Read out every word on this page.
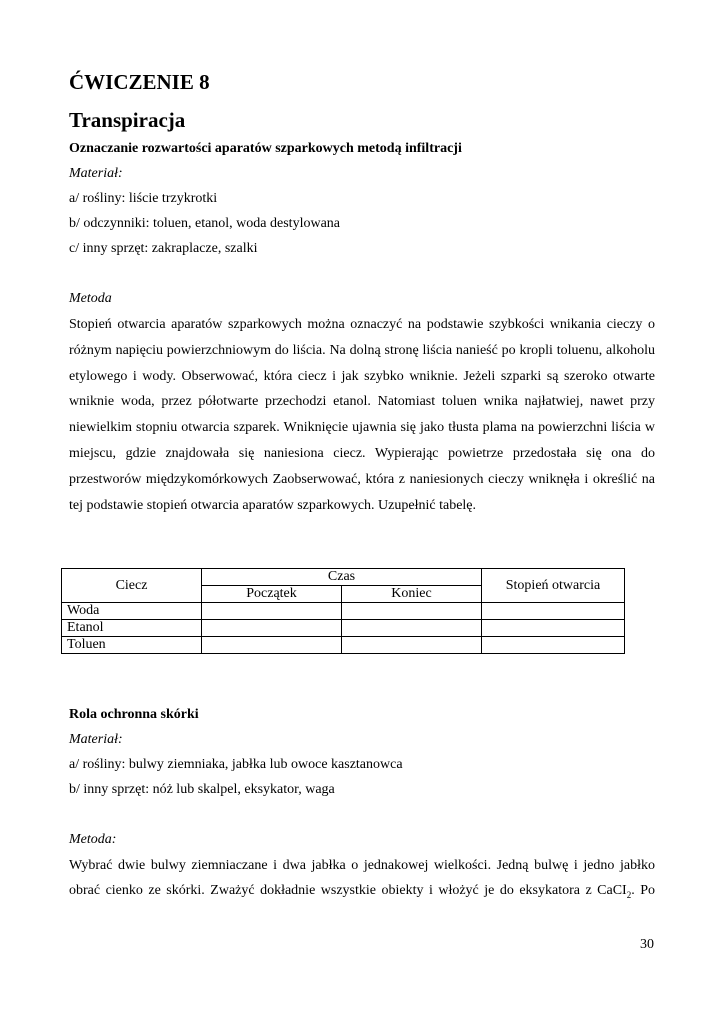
ĆWICZENIE 8
Transpiracja
Oznaczanie rozwartości aparatów szparkowych metodą infiltracji
Materiał:
a/ rośliny: liście trzykrotki
b/ odczynniki: toluen, etanol, woda destylowana
c/ inny sprzęt: zakraplacze, szalki
Metoda
Stopień otwarcia aparatów szparkowych można oznaczyć na podstawie szybkości wnikania cieczy o różnym napięciu powierzchniowym do liścia. Na dolną stronę liścia nanieść po kropli toluenu, alkoholu etylowego i wody. Obserwować, która ciecz i jak szybko wniknie. Jeżeli szparki są szeroko otwarte wniknie woda, przez półotwarte przechodzi etanol. Natomiast toluen wnika najłatwiej, nawet przy niewielkim stopniu otwarcia szparek. Wniknięcie ujawnia się jako tłusta plama na powierzchni liścia w miejscu, gdzie znajdowała się naniesiona ciecz. Wypierając powietrze przedostała się ona do przestworów międzykomórkowych Zaobserwować, która z naniesionych cieczy wniknęła i określić na tej podstawie stopień otwarcia aparatów szparkowych. Uzupełnić tabelę.
Ciecz	Czas		Stopień otwarcia
	Początek	Koniec	
Woda			
Etanol			
Toluen			
Rola ochronna skórki
Materiał:
a/ rośliny: bulwy ziemniaka, jabłka lub owoce kasztanowca
b/ inny sprzęt: nóż lub skalpel, eksykator, waga
Metoda:
Wybrać dwie bulwy ziemniaczane i dwa jabłka o jednakowej wielkości. Jedną bulwę i jedno jabłko
obrać cienko ze skórki. Zważyć dokładnie wszystkie obiekty i włożyć je do eksykatora z CaCI$_2$. Po
30
